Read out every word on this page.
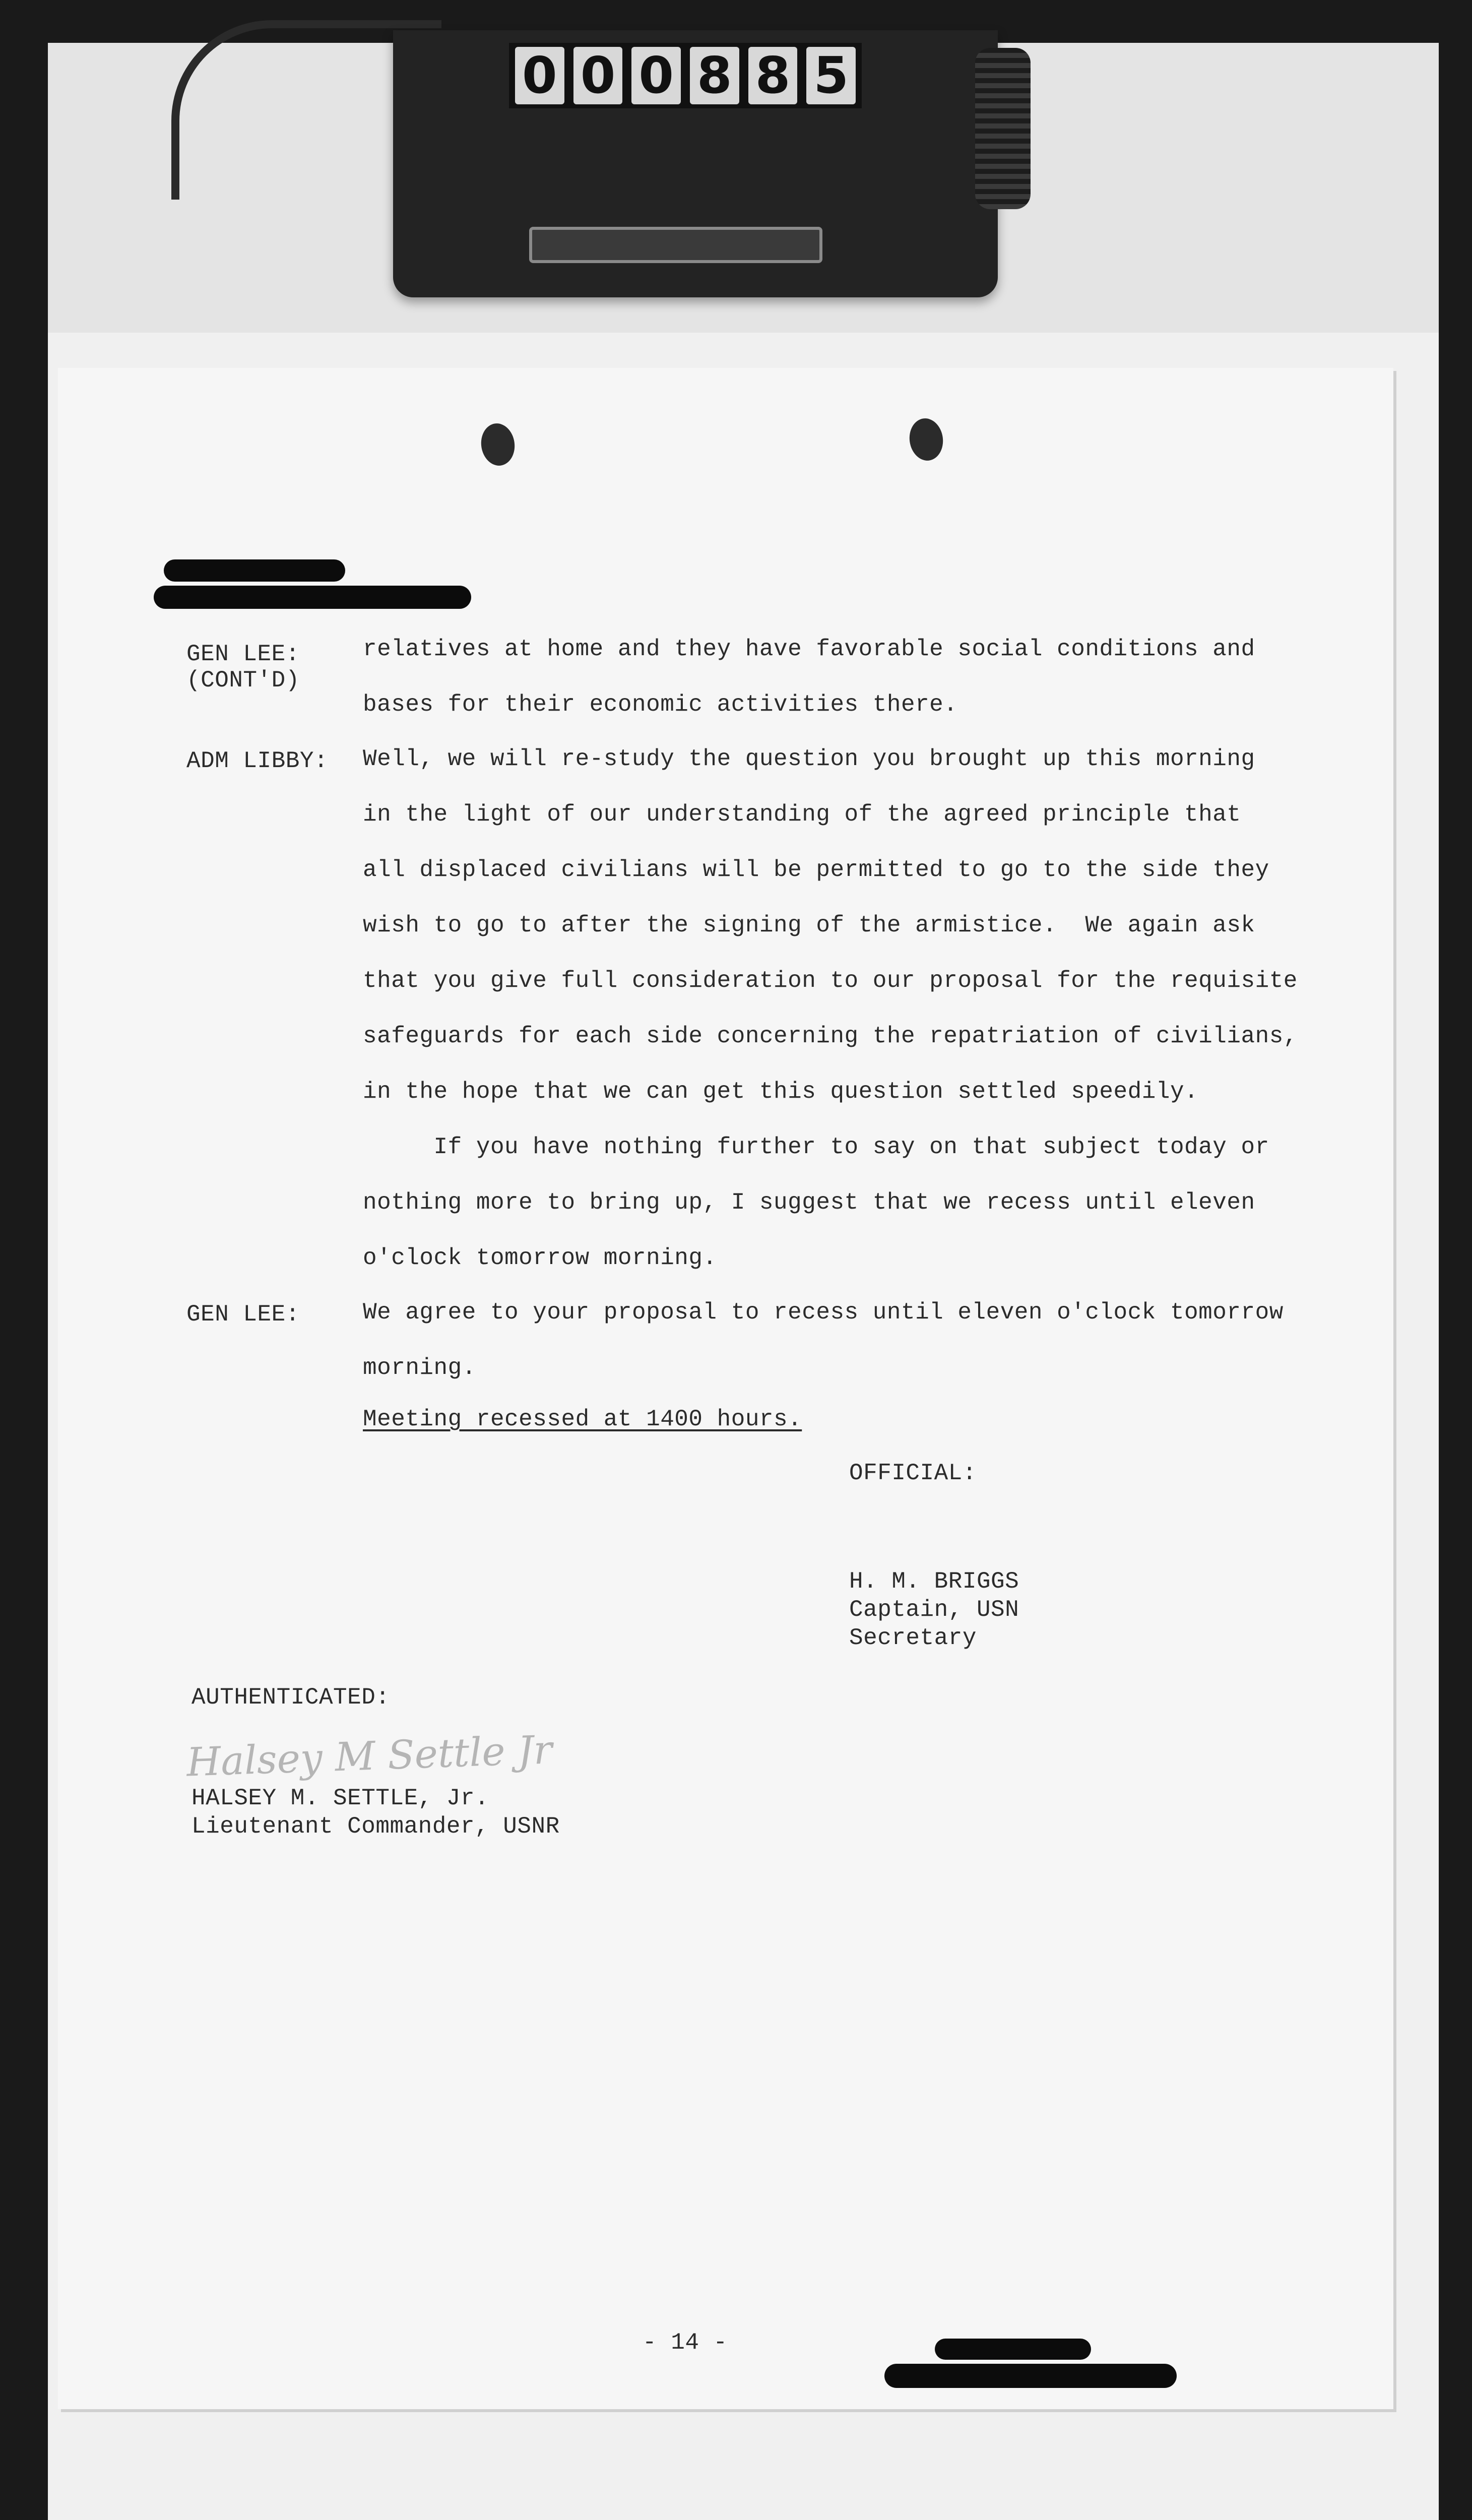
0 0 0 8 8 5
GEN LEE:
(CONT'D)
relatives at home and they have favorable social conditions and
bases for their economic activities there.
ADM LIBBY: Well, we will re-study the question you brought up this morning
in the light of our understanding of the agreed principle that
all displaced civilians will be permitted to go to the side they
wish to go to after the signing of the armistice.  We again ask
that you give full consideration to our proposal for the requisite
safeguards for each side concerning the repatriation of civilians,
in the hope that we can get this question settled speedily.
If you have nothing further to say on that subject today or
nothing more to bring up, I suggest that we recess until eleven
o'clock tomorrow morning.
GEN LEE:	We agree to your proposal to recess until eleven o'clock tomorrow
morning.
Meeting recessed at 1400 hours.
OFFICIAL:
H. M. BRIGGS
Captain, USN
Secretary
AUTHENTICATED:
Halsey M Settle Jr
HALSEY M. SETTLE, Jr.
Lieutenant Commander, USNR
- 14 -
